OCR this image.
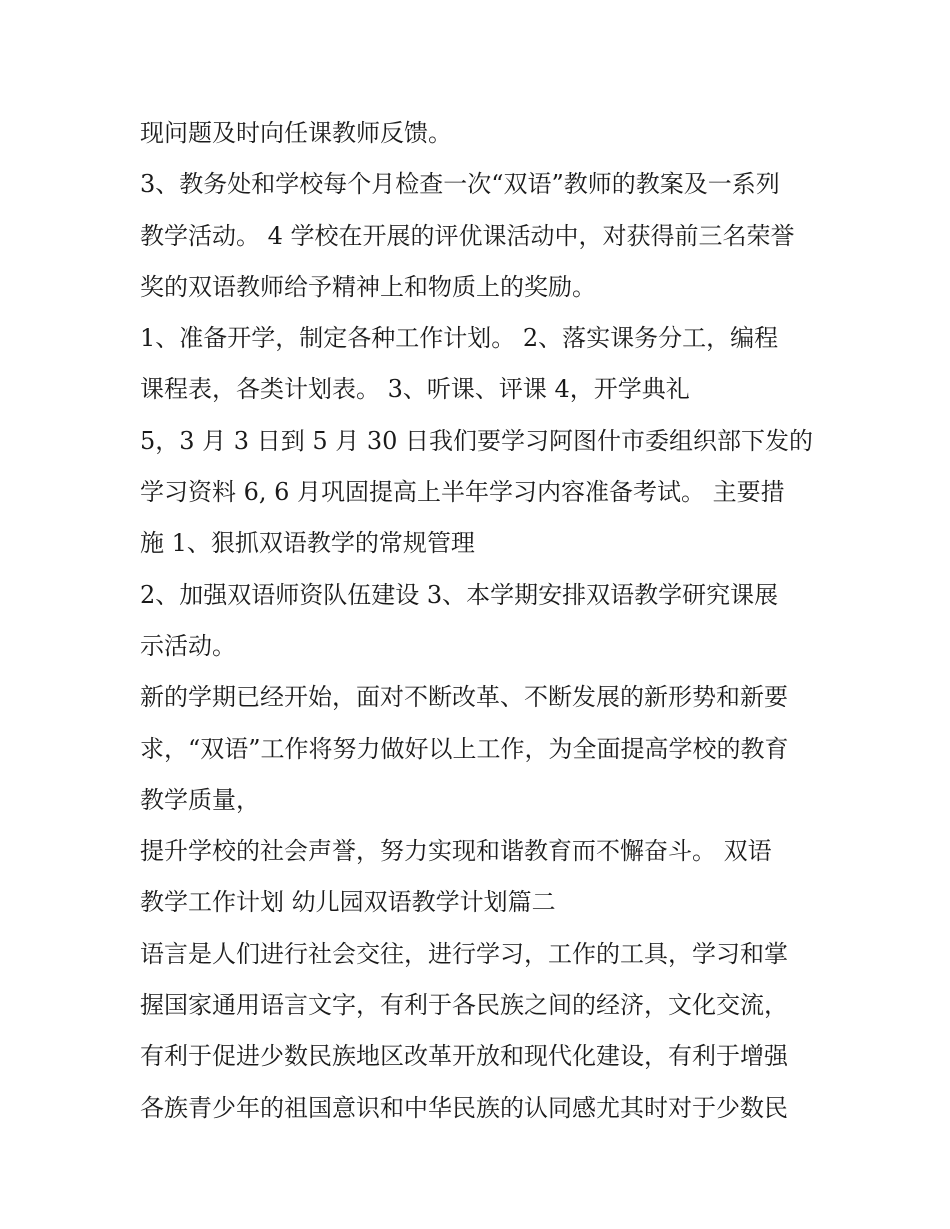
现问题及时向任课教师反馈。
3、教务处和学校每个月检查一次“双语”教师的教案及一系列
教学活动。 4 学校在开展的评优课活动中，对获得前三名荣誉
奖的双语教师给予精神上和物质上的奖励。
1、准备开学，制定各种工作计划。 2、落实课务分工，编程
课程表，各类计划表。 3、听课、评课 4，开学典礼
5，3 月 3 日到 5 月 30 日我们要学习阿图什市委组织部下发的
学习资料 6, 6 月巩固提高上半年学习内容准备考试。 主要措
施 1、狠抓双语教学的常规管理
2、加强双语师资队伍建设 3、本学期安排双语教学研究课展
示活动。
新的学期已经开始，面对不断改革、不断发展的新形势和新要
求，“双语”工作将努力做好以上工作，为全面提高学校的教育
教学质量，
提升学校的社会声誉，努力实现和谐教育而不懈奋斗。 双语
教学工作计划 幼儿园双语教学计划篇二
语言是人们进行社会交往，进行学习，工作的工具，学习和掌
握国家通用语言文字，有利于各民族之间的经济，文化交流，
有利于促进少数民族地区改革开放和现代化建设，有利于增强
各族青少年的祖国意识和中华民族的认同感尤其时对于少数民
